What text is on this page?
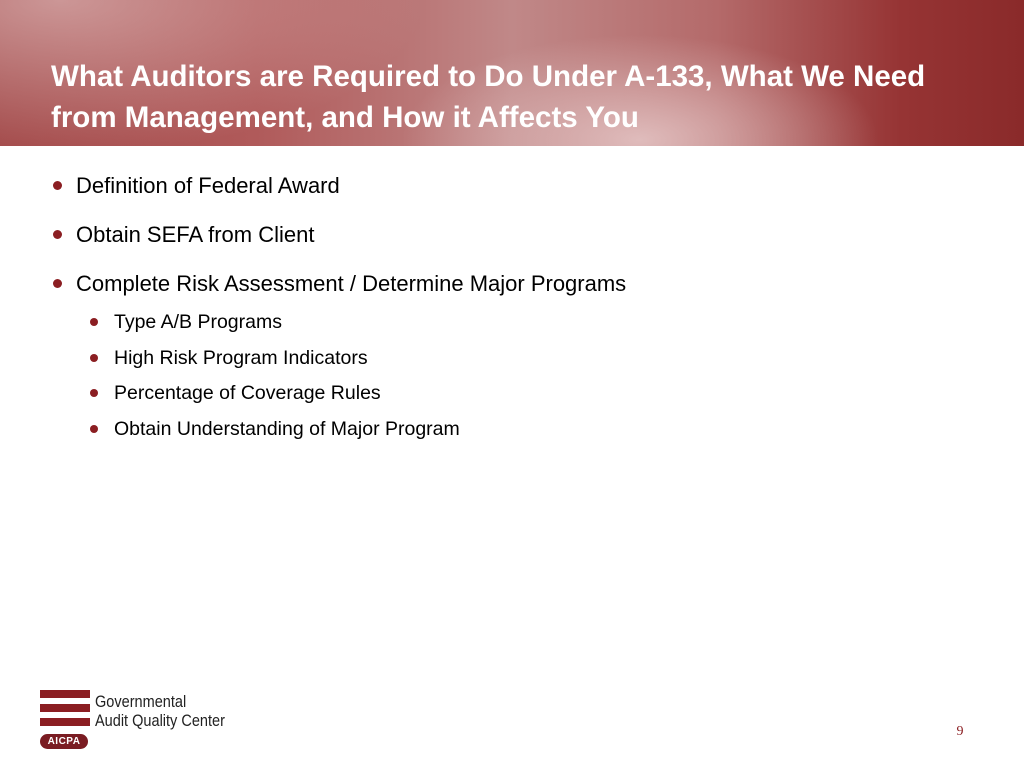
What Auditors are Required to Do Under A-133, What We Need from Management, and How it Affects You
Definition of Federal Award
Obtain SEFA from Client
Complete Risk Assessment / Determine Major Programs
Type A/B Programs
High Risk Program Indicators
Percentage of Coverage Rules
Obtain Understanding of Major Program
AICPA
Governmental
Audit Quality Center
9
